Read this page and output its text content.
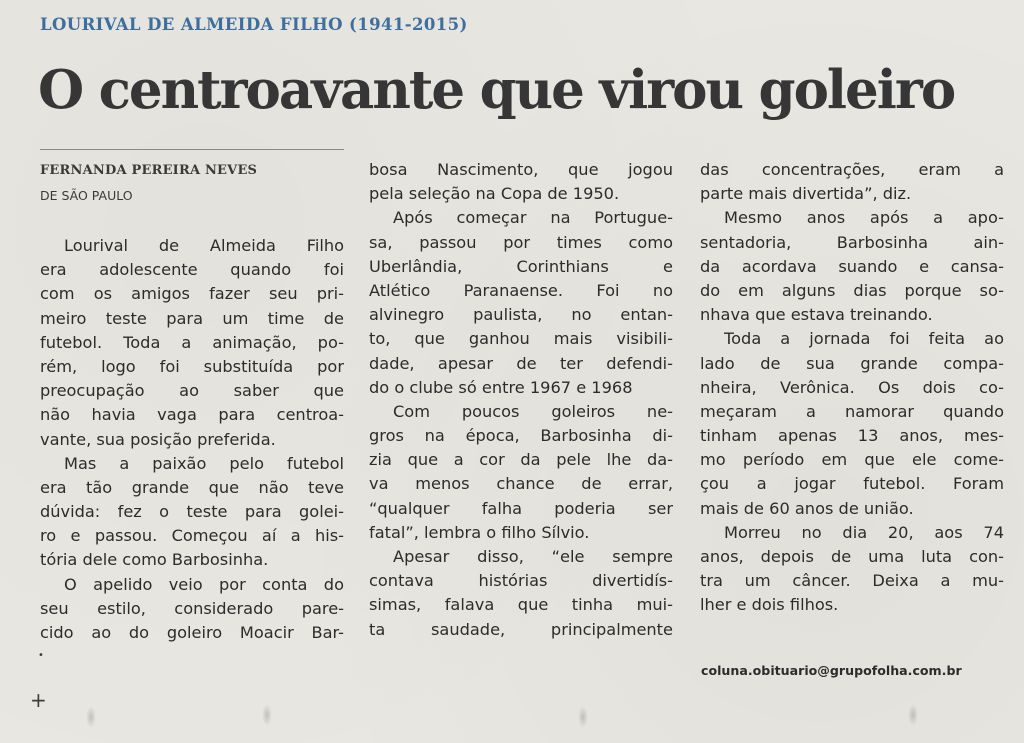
LOURIVAL DE ALMEIDA FILHO (1941-2015)
O centroavante que virou goleiro
FERNANDA PEREIRA NEVES
DE SÃO PAULO
Lourival de Almeida Filho
era adolescente quando foi
com os amigos fazer seu pri-
meiro teste para um time de
futebol. Toda a animação, po-
rém, logo foi substituída por
preocupação ao saber que
não havia vaga para centroa-
vante, sua posição preferida.
Mas a paixão pelo futebol
era tão grande que não teve
dúvida: fez o teste para golei-
ro e passou. Começou aí a his-
tória dele como Barbosinha.
O apelido veio por conta do
seu estilo, considerado pare-
cido ao do goleiro Moacir Bar-
bosa Nascimento, que jogou
pela seleção na Copa de 1950.
Após começar na Portugue-
sa, passou por times como
Uberlândia, Corinthians e
Atlético Paranaense. Foi no
alvinegro paulista, no entan-
to, que ganhou mais visibili-
dade, apesar de ter defendi-
do o clube só entre 1967 e 1968
Com poucos goleiros ne-
gros na época, Barbosinha di-
zia que a cor da pele lhe da-
va menos chance de errar,
“qualquer falha poderia ser
fatal”, lembra o filho Sílvio.
Apesar disso, “ele sempre
contava histórias divertidís-
simas, falava que tinha mui-
ta saudade, principalmente
das concentrações, eram a
parte mais divertida”, diz.
Mesmo anos após a apo-
sentadoria, Barbosinha ain-
da acordava suando e cansa-
do em alguns dias porque so-
nhava que estava treinando.
Toda a jornada foi feita ao
lado de sua grande compa-
nheira, Verônica. Os dois co-
meçaram a namorar quando
tinham apenas 13 anos, mes-
mo período em que ele come-
çou a jogar futebol. Foram
mais de 60 anos de união.
Morreu no dia 20, aos 74
anos, depois de uma luta con-
tra um câncer. Deixa a mu-
lher e dois filhos.
coluna.obituario@grupofolha.com.br
+
•
